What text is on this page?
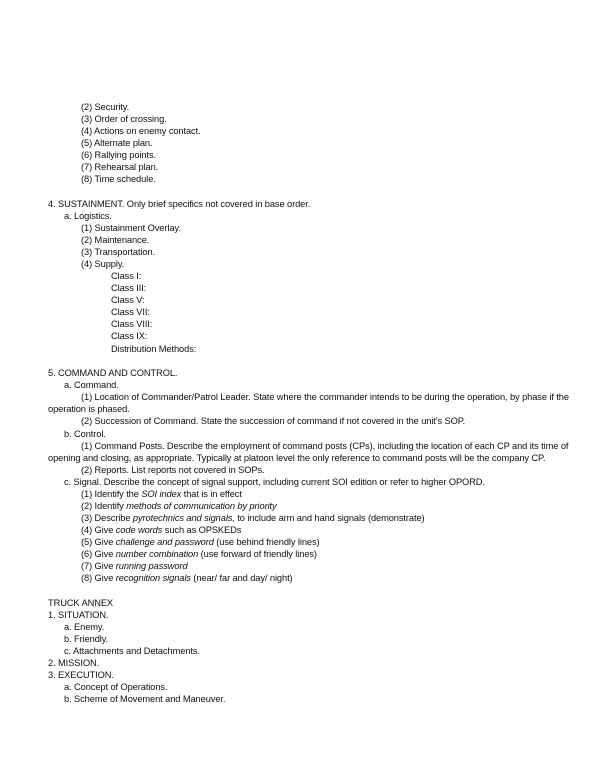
(2) Security.
(3) Order of crossing.
(4) Actions on enemy contact.
(5) Alternate plan.
(6) Rallying points.
(7) Rehearsal plan.
(8) Time schedule.
4. SUSTAINMENT. Only brief specifics not covered in base order.
a. Logistics.
(1) Sustainment Overlay.
(2) Maintenance.
(3) Transportation.
(4) Supply.
Class I:
Class III:
Class V:
Class VII:
Class VIII:
Class IX:
Distribution Methods:
5. COMMAND AND CONTROL.
a. Command.
(1) Location of Commander/Patrol Leader. State where the commander intends to be during the operation, by phase if the
operation is phased.
(2) Succession of Command. State the succession of command if not covered in the unit's SOP.
b. Control.
(1) Command Posts. Describe the employment of command posts (CPs), including the location of each CP and its time of
opening and closing, as appropriate. Typically at platoon level the only reference to command posts will be the company CP.
(2) Reports. List reports not covered in SOPs.
c. Signal. Describe the concept of signal support, including current SOI edition or refer to higher OPORD.
(1) Identify the SOI index that is in effect
(2) Identify methods of communication by priority
(3) Describe pyrotechnics and signals, to include arm and hand signals (demonstrate)
(4) Give code words such as OPSKEDs
(5) Give challenge and password (use behind friendly lines)
(6) Give number combination (use forward of friendly lines)
(7) Give running password
(8) Give recognition signals (near/ far and day/ night)
TRUCK ANNEX
1. SITUATION.
a. Enemy.
b. Friendly.
c. Attachments and Detachments.
2. MISSION.
3. EXECUTION.
a. Concept of Operations.
b. Scheme of Movement and Maneuver.
